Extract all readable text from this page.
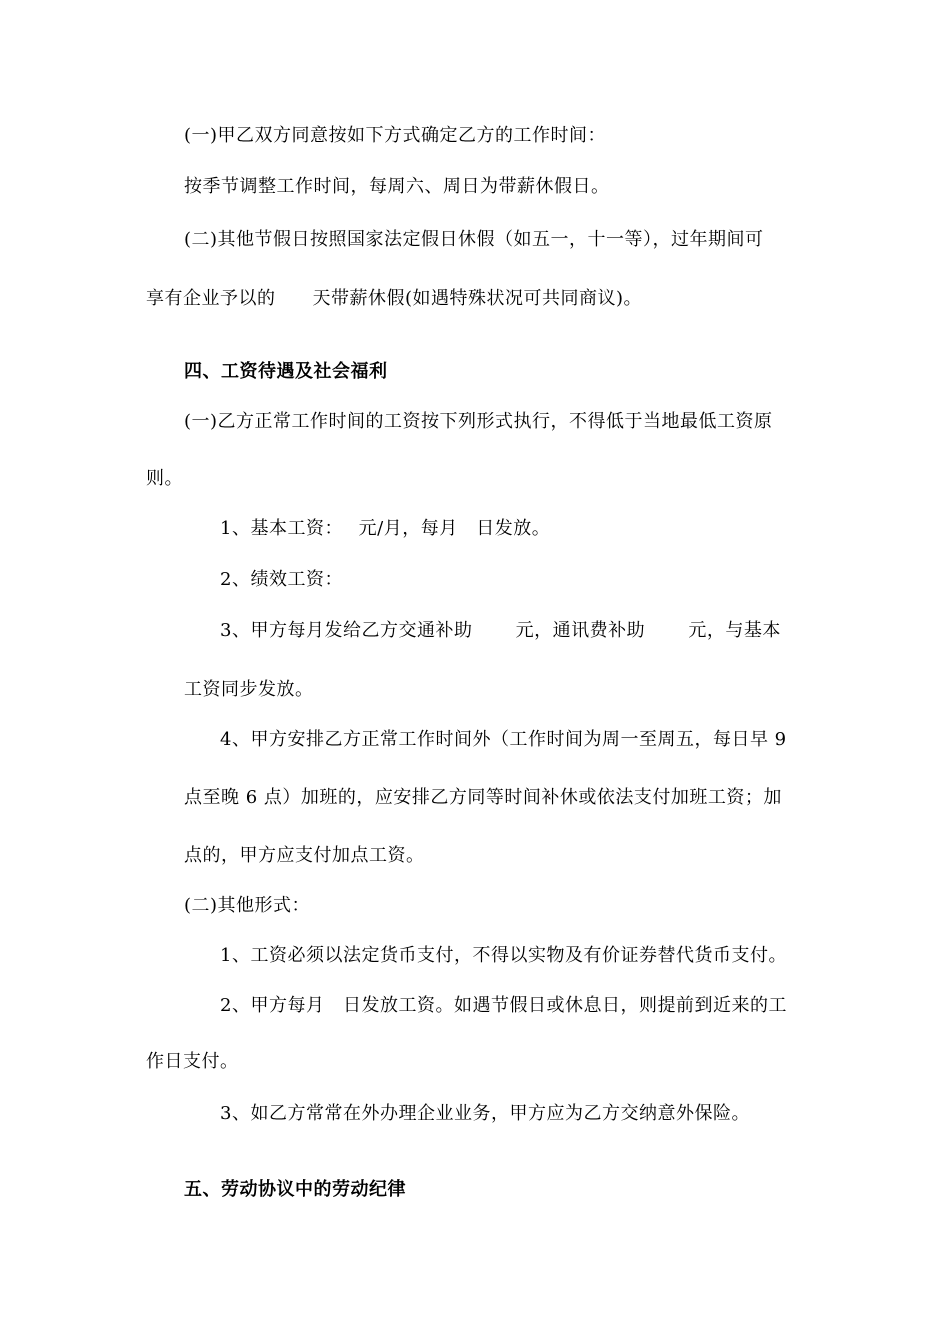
(一)甲乙双方同意按如下方式确定乙方的工作时间：
按季节调整工作时间，每周六、周日为带薪休假日。
(二)其他节假日按照国家法定假日休假（如五一，十一等），过年期间可
享有企业予以的　　天带薪休假(如遇特殊状况可共同商议)。
四、工资待遇及社会福利
(一)乙方正常工作时间的工资按下列形式执行，不得低于当地最低工资原
则。
1、基本工资：　 元/月，每月　日发放。
2、绩效工资：
3、甲方每月发给乙方交通补助　　 元，通讯费补助　　 元，与基本
工资同步发放。
4、甲方安排乙方正常工作时间外（工作时间为周一至周五，每日早 9
点至晚 6 点）加班的，应安排乙方同等时间补休或依法支付加班工资；加
点的，甲方应支付加点工资。
(二)其他形式：
1、工资必须以法定货币支付，不得以实物及有价证券替代货币支付。
2、甲方每月　日发放工资。如遇节假日或休息日，则提前到近来的工
作日支付。
3、如乙方常常在外办理企业业务，甲方应为乙方交纳意外保险。
五、劳动协议中的劳动纪律
